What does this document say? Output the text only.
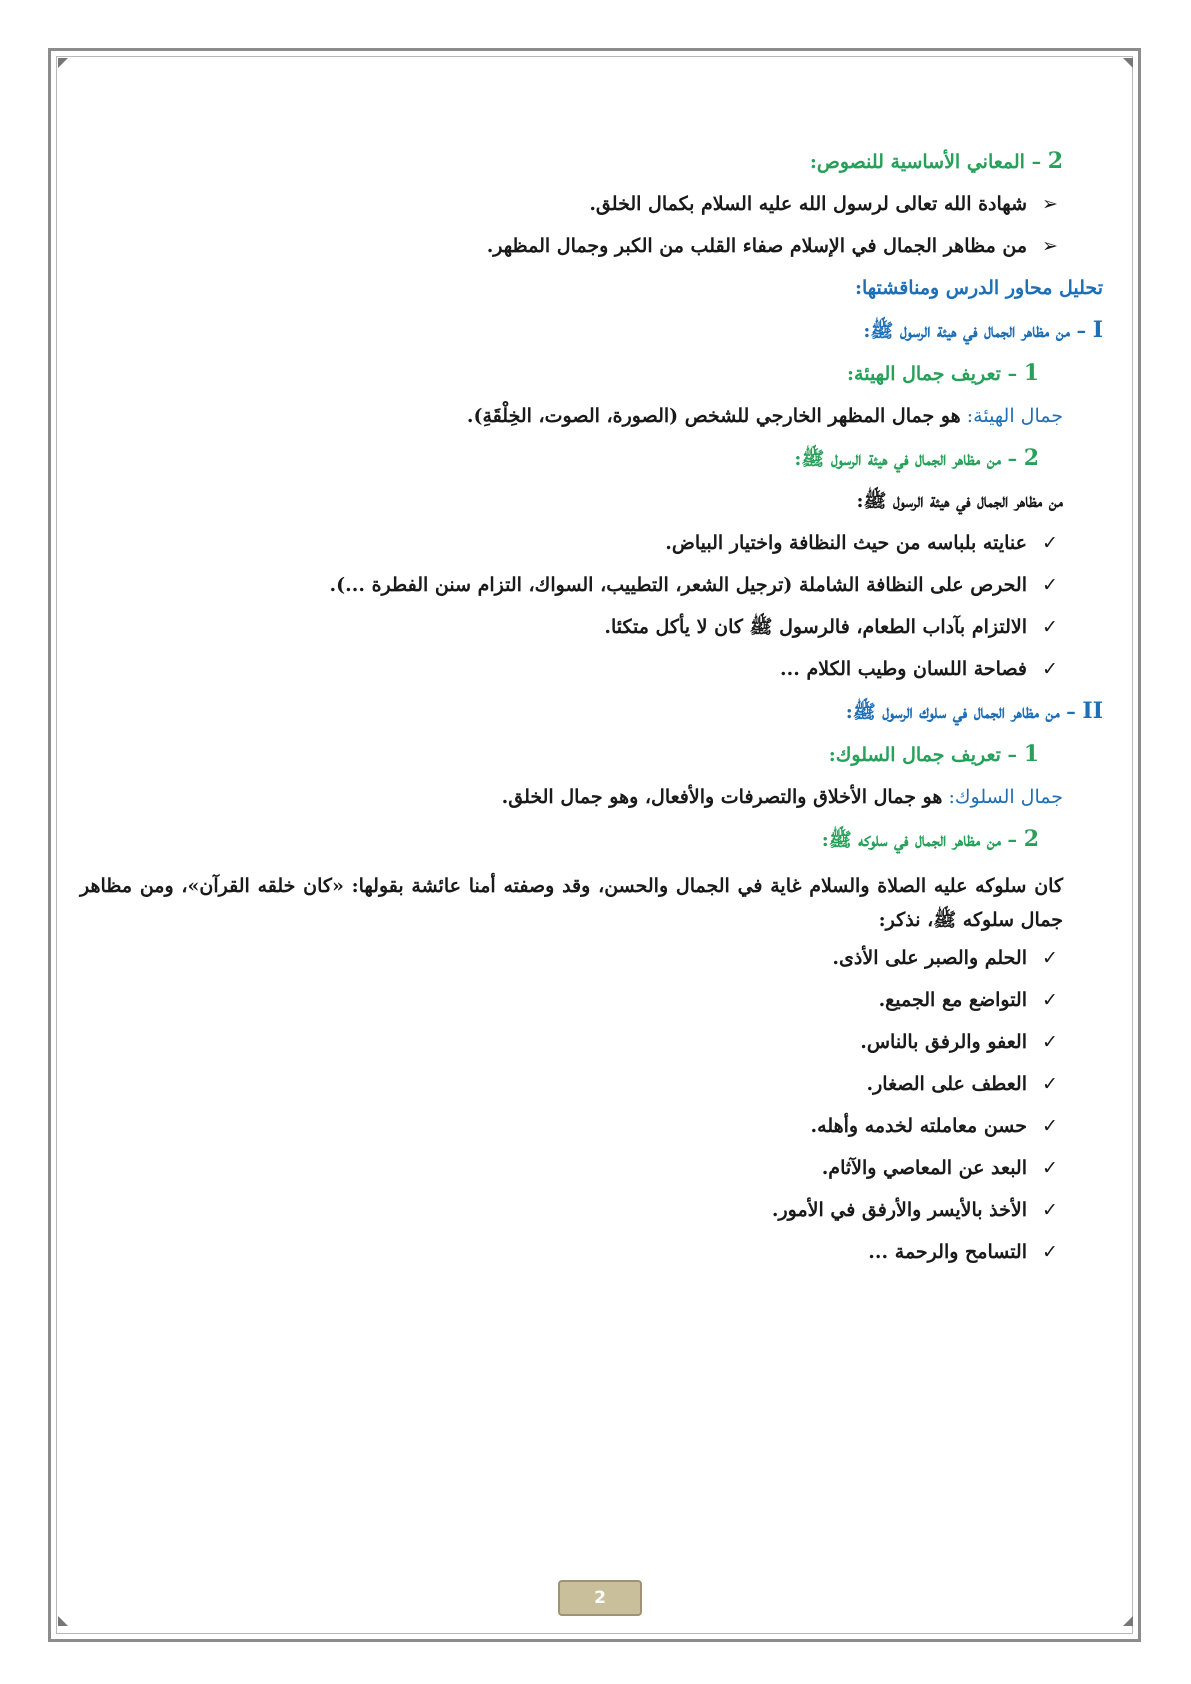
2 – المعاني الأساسية للنصوص:
➢شهادة الله تعالى لرسول الله عليه السلام بكمال الخلق.
➢من مظاهر الجمال في الإسلام صفاء القلب من الكبر وجمال المظهر.
تحليل محاور الدرس ومناقشتها:
I – من مظاهر الجمال في هيئة الرسول ﷺ:
1 – تعريف جمال الهيئة:
جمال الهيئة: هو جمال المظهر الخارجي للشخص (الصورة، الصوت، الخِلْقَةِ).
2 – من مظاهر الجمال في هيئة الرسول ﷺ:
من مظاهر الجمال في هيئة الرسول ﷺ:
✓عنايته بلباسه من حيث النظافة واختيار البياض.
✓الحرص على النظافة الشاملة (ترجيل الشعر، التطييب، السواك، التزام سنن الفطرة ...).
✓الالتزام بآداب الطعام، فالرسول ﷺ كان لا يأكل متكئا.
✓فصاحة اللسان وطيب الكلام ...
II – من مظاهر الجمال في سلوك الرسول ﷺ:
1 – تعريف جمال السلوك:
جمال السلوك: هو جمال الأخلاق والتصرفات والأفعال، وهو جمال الخلق.
2 – من مظاهر الجمال في سلوكه ﷺ:
كان سلوكه عليه الصلاة والسلام غاية في الجمال والحسن، وقد وصفته أمنا عائشة بقولها: «كان خلقه القرآن»، ومن مظاهر جمال سلوكه ﷺ، نذكر:
✓الحلم والصبر على الأذى.
✓التواضع مع الجميع.
✓العفو والرفق بالناس.
✓العطف على الصغار.
✓حسن معاملته لخدمه وأهله.
✓البعد عن المعاصي والآثام.
✓الأخذ بالأيسر والأرفق في الأمور.
✓التسامح والرحمة ...
2
